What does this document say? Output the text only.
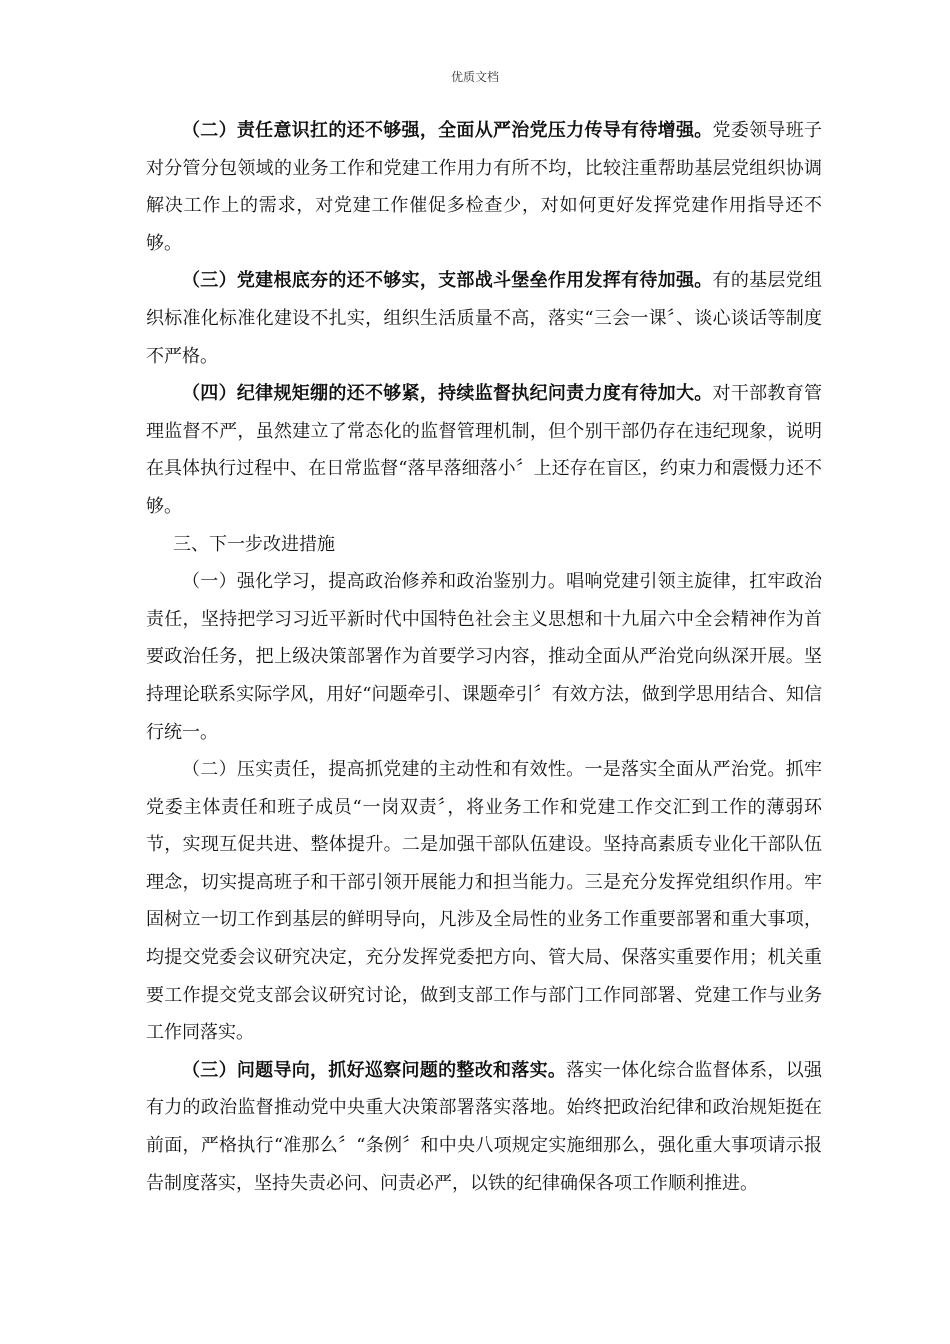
优质文档

（二）责任意识扛的还不够强，全面从严治党压力传导有待增强。党委领导班子对分管分包领域的业务工作和党建工作用力有所不均，比较注重帮助基层党组织协调解决工作上的需求，对党建工作催促多检查少，对如何更好发挥党建作用指导还不够。

（三）党建根底夯的还不够实，支部战斗堡垒作用发挥有待加强。有的基层党组织标准化标准化建设不扎实，组织生活质量不高，落实“三会一课〞、谈心谈话等制度不严格。

（四）纪律规矩绷的还不够紧，持续监督执纪问责力度有待加大。对干部教育管理监督不严，虽然建立了常态化的监督管理机制，但个别干部仍存在违纪现象，说明在具体执行过程中、在日常监督“落早落细落小〞上还存在盲区，约束力和震慑力还不够。

三、下一步改进措施

（一）强化学习，提高政治修养和政治鉴别力。唱响党建引领主旋律，扛牢政治责任，坚持把学习习近平新时代中国特色社会主义思想和十九届六中全会精神作为首要政治任务，把上级决策部署作为首要学习内容，推动全面从严治党向纵深开展。坚持理论联系实际学风，用好“问题牵引、课题牵引〞有效方法，做到学思用结合、知信行统一。

（二）压实责任，提高抓党建的主动性和有效性。一是落实全面从严治党。抓牢党委主体责任和班子成员“一岗双责〞，将业务工作和党建工作交汇到工作的薄弱环节，实现互促共进、整体提升。二是加强干部队伍建设。坚持高素质专业化干部队伍理念，切实提高班子和干部引领开展能力和担当能力。三是充分发挥党组织作用。牢固树立一切工作到基层的鲜明导向，凡涉及全局性的业务工作重要部署和重大事项，均提交党委会议研究决定，充分发挥党委把方向、管大局、保落实重要作用；机关重要工作提交党支部会议研究讨论，做到支部工作与部门工作同部署、党建工作与业务工作同落实。

（三）问题导向，抓好巡察问题的整改和落实。落实一体化综合监督体系，以强有力的政治监督推动党中央重大决策部署落实落地。始终把政治纪律和政治规矩挺在前面，严格执行“准那么〞“条例〞和中央八项规定实施细那么，强化重大事项请示报告制度落实，坚持失责必问、问责必严，以铁的纪律确保各项工作顺利推进。
